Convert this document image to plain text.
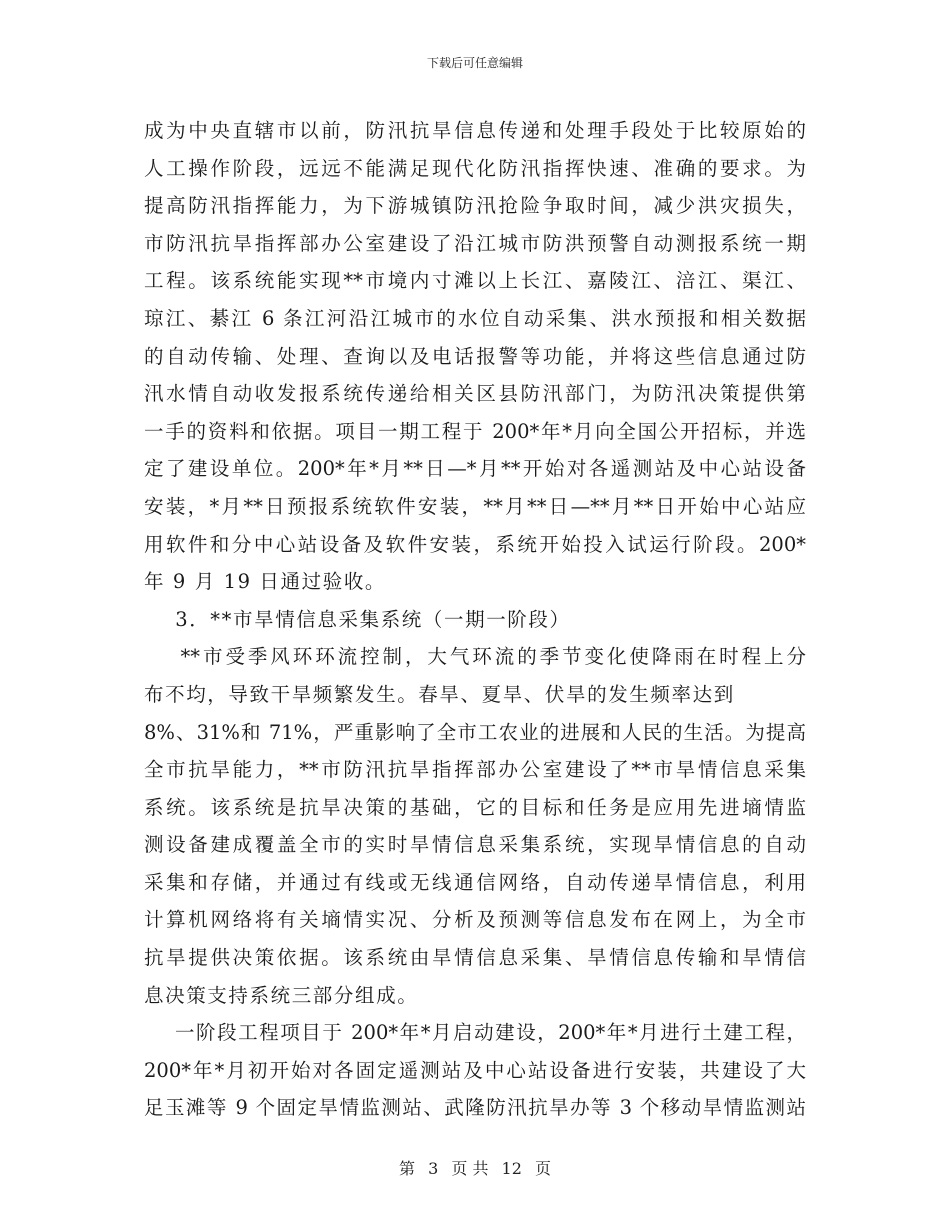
下载后可任意编辑
成为中央直辖市以前，防汛抗旱信息传递和处理手段处于比较原始的
人工操作阶段，远远不能满足现代化防汛指挥快速、准确的要求。为
提高防汛指挥能力，为下游城镇防汛抢险争取时间，减少洪灾损失，
市防汛抗旱指挥部办公室建设了沿江城市防洪预警自动测报系统一期
工程。该系统能实现**市境内寸滩以上长江、嘉陵江、涪江、渠江、
琼江、綦江 6 条江河沿江城市的水位自动采集、洪水预报和相关数据
的自动传输、处理、查询以及电话报警等功能，并将这些信息通过防
汛水情自动收发报系统传递给相关区县防汛部门，为防汛决策提供第
一手的资料和依据。项目一期工程于 200*年*月向全国公开招标，并选
定了建设单位。200*年*月**日—*月**开始对各遥测站及中心站设备
安装，*月**日预报系统软件安装，**月**日—**月**日开始中心站应
用软件和分中心站设备及软件安装，系统开始投入试运行阶段。200*
年 9 月 19 日通过验收。
3．**市旱情信息采集系统（一期一阶段）
**市受季风环环流控制，大气环流的季节变化使降雨在时程上分
布不均，导致干旱频繁发生。春旱、夏旱、伏旱的发生频率达到
8%、31%和 71%，严重影响了全市工农业的进展和人民的生活。为提高
全市抗旱能力，**市防汛抗旱指挥部办公室建设了**市旱情信息采集
系统。该系统是抗旱决策的基础，它的目标和任务是应用先进墒情监
测设备建成覆盖全市的实时旱情信息采集系统，实现旱情信息的自动
采集和存储，并通过有线或无线通信网络，自动传递旱情信息，利用
计算机网络将有关墒情实况、分析及预测等信息发布在网上，为全市
抗旱提供决策依据。该系统由旱情信息采集、旱情信息传输和旱情信
息决策支持系统三部分组成。
一阶段工程项目于 200*年*月启动建设，200*年*月进行土建工程，
200*年*月初开始对各固定遥测站及中心站设备进行安装，共建设了大
足玉滩等 9 个固定旱情监测站、武隆防汛抗旱办等 3 个移动旱情监测站
第 3 页 共 12 页
